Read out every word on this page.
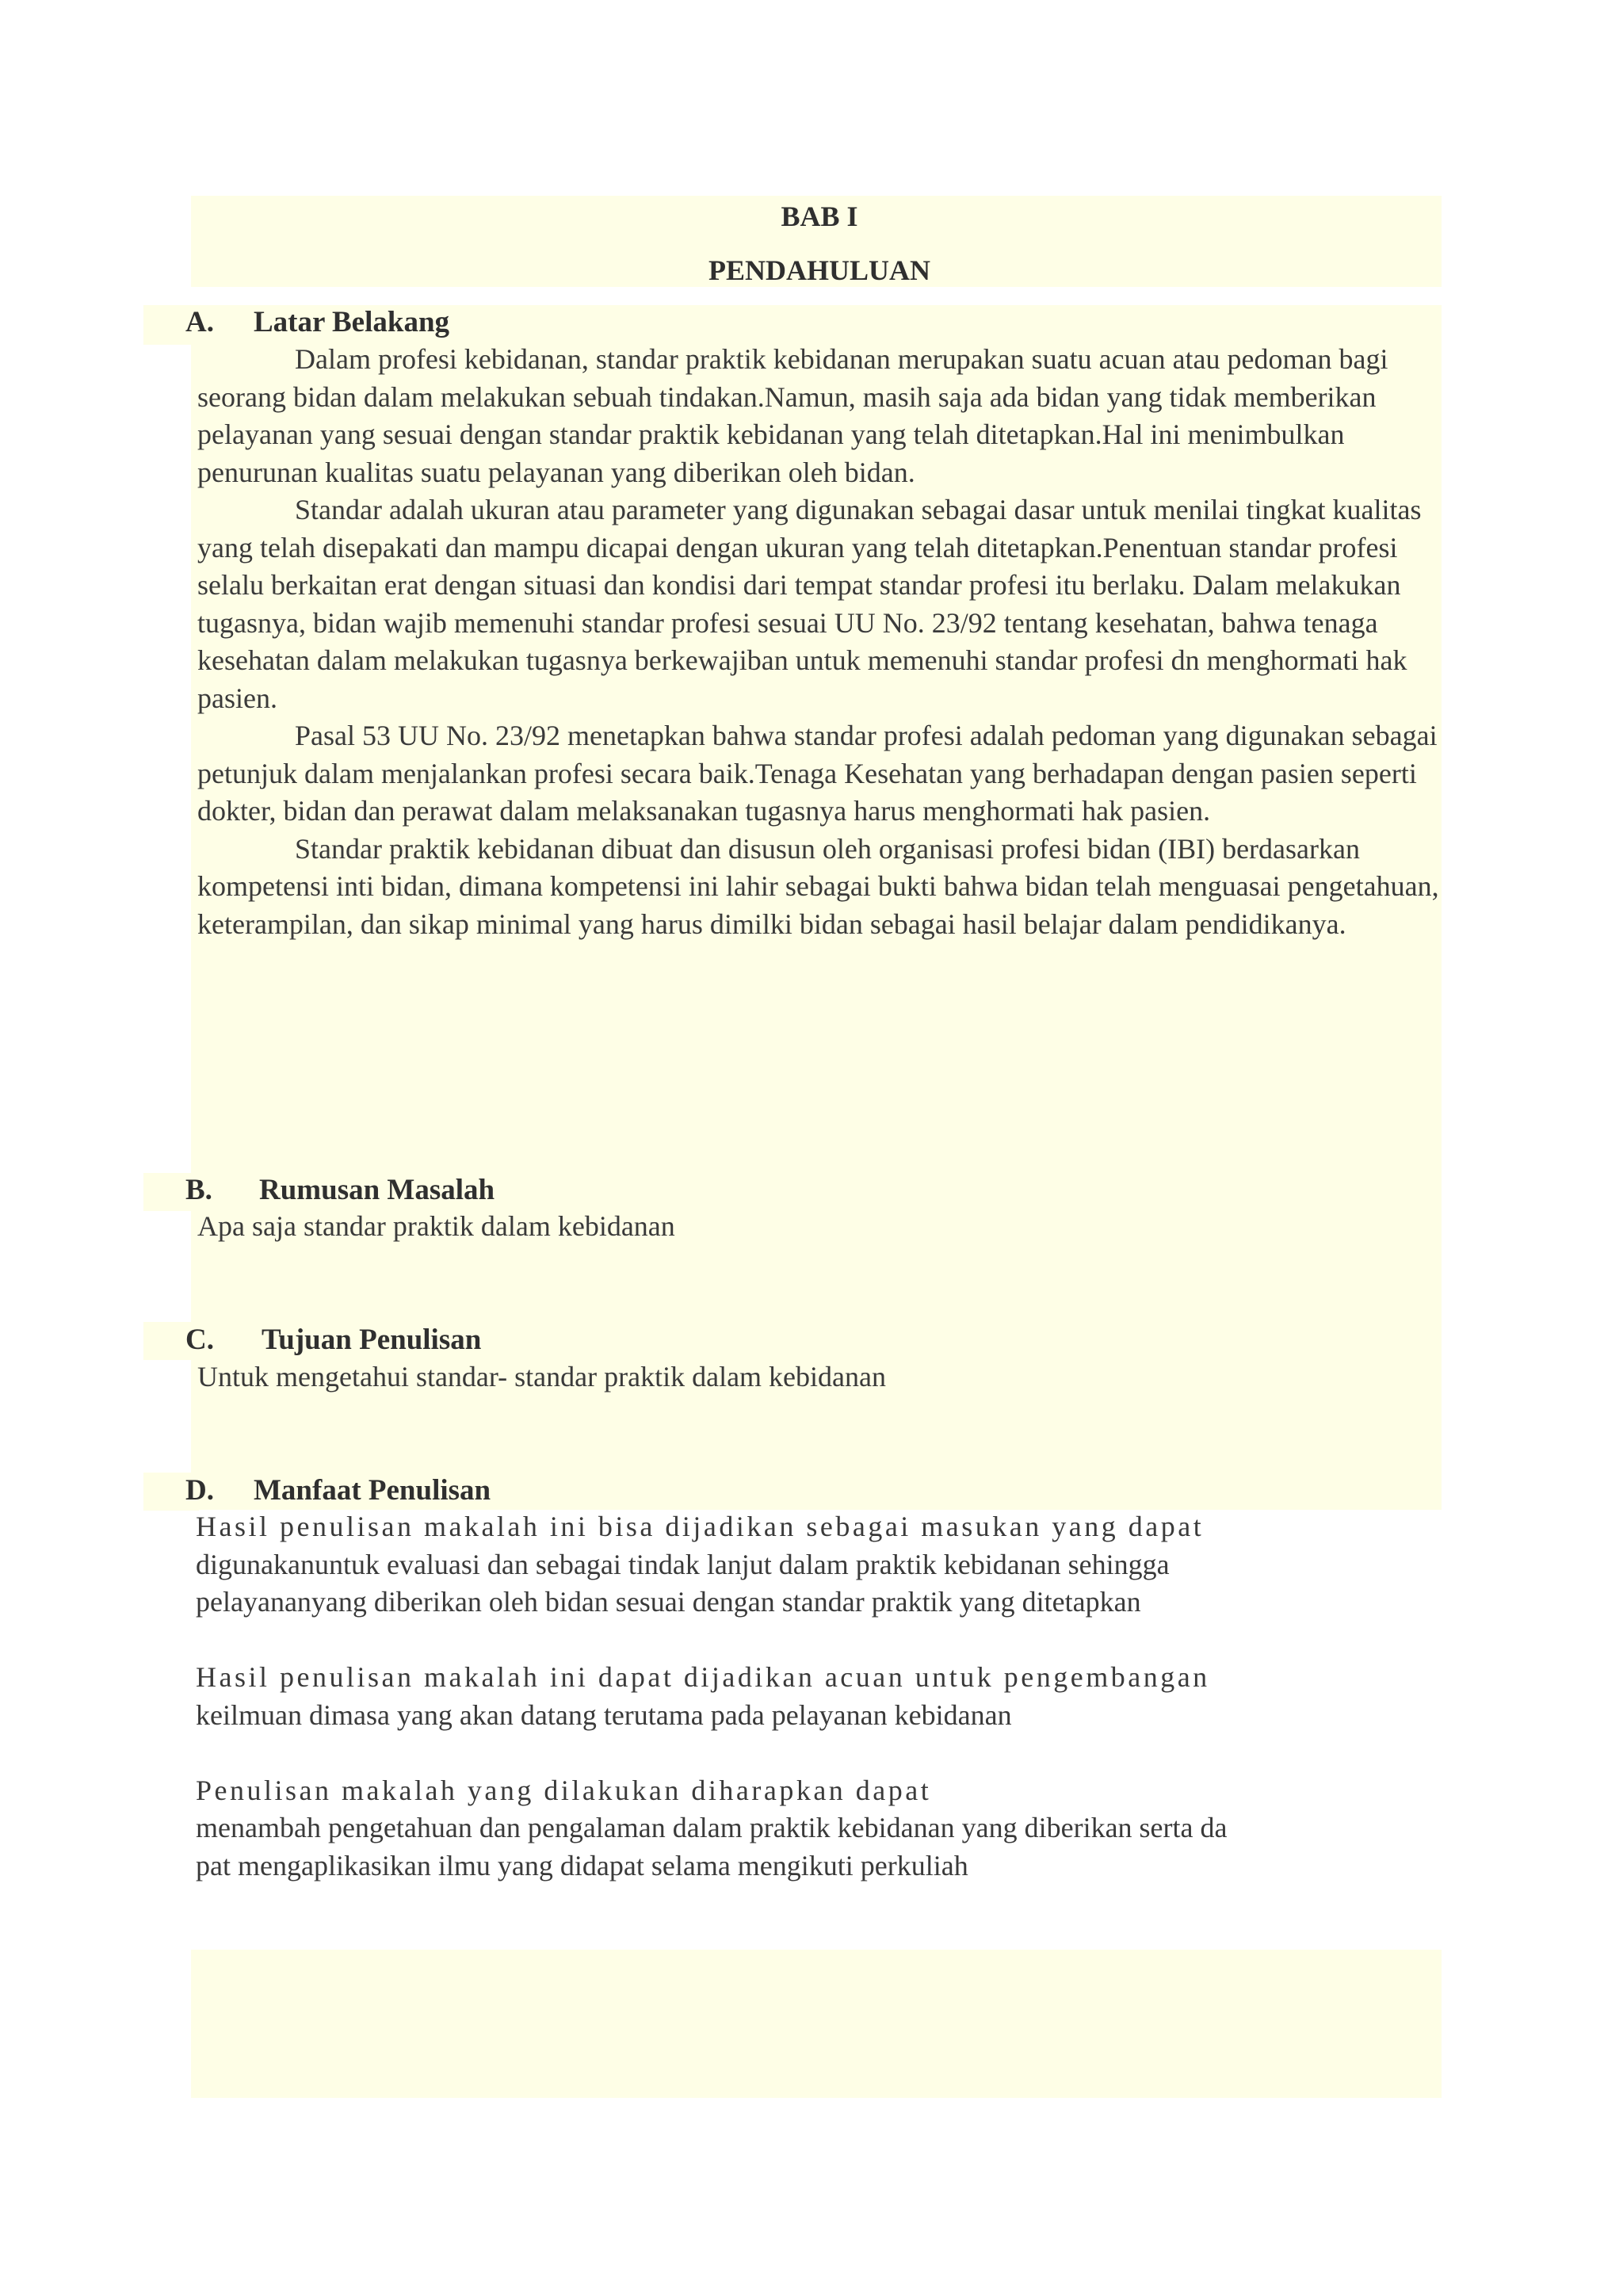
BAB I
PENDAHULUAN
A. Latar Belakang

Dalam profesi kebidanan, standar praktik kebidanan merupakan suatu acuan atau pedoman bagi seorang bidan dalam melakukan sebuah tindakan.Namun, masih saja ada bidan yang tidak memberikan pelayanan yang sesuai dengan standar praktik kebidanan yang telah ditetapkan.Hal ini menimbulkan penurunan kualitas suatu pelayanan yang diberikan oleh bidan.

Standar adalah ukuran atau parameter yang digunakan sebagai dasar untuk menilai tingkat kualitas yang telah disepakati dan mampu dicapai dengan ukuran yang telah ditetapkan.Penentuan standar profesi selalu berkaitan erat dengan situasi dan kondisi dari tempat standar profesi itu berlaku. Dalam melakukan tugasnya, bidan wajib memenuhi standar profesi sesuai UU No. 23/92 tentang kesehatan, bahwa tenaga kesehatan dalam melakukan tugasnya berkewajiban untuk memenuhi standar profesi dn menghormati hak pasien.

Pasal 53 UU No. 23/92 menetapkan bahwa standar profesi adalah pedoman yang digunakan sebagai petunjuk dalam menjalankan profesi secara baik.Tenaga Kesehatan yang berhadapan dengan pasien seperti dokter, bidan dan perawat dalam melaksanakan tugasnya harus menghormati hak pasien.

Standar praktik kebidanan dibuat dan disusun oleh organisasi profesi bidan (IBI) berdasarkan kompetensi inti bidan, dimana kompetensi ini lahir sebagai bukti bahwa bidan telah menguasai pengetahuan, keterampilan, dan sikap minimal yang harus dimilki bidan sebagai hasil belajar dalam pendidikanya.

B. Rumusan Masalah
Apa saja standar praktik dalam kebidanan
C. Tujuan Penulisan
Untuk mengetahui standar- standar praktik dalam kebidanan
D. Manfaat Penulisan
Hasil penulisan makalah ini bisa dijadikan sebagai masukan yang dapat
digunakanuntuk evaluasi dan sebagai tindak lanjut dalam praktik kebidanan sehingga
pelayananyang diberikan oleh bidan sesuai dengan standar praktik yang ditetapkan
Hasil penulisan makalah ini dapat dijadikan acuan untuk pengembangan
keilmuan dimasa yang akan datang terutama pada pelayanan kebidanan
Penulisan makalah yang dilakukan diharapkan dapat
menambah pengetahuan dan pengalaman dalam praktik kebidanan yang diberikan serta da
pat mengaplikasikan ilmu yang didapat selama mengikuti perkuliah
